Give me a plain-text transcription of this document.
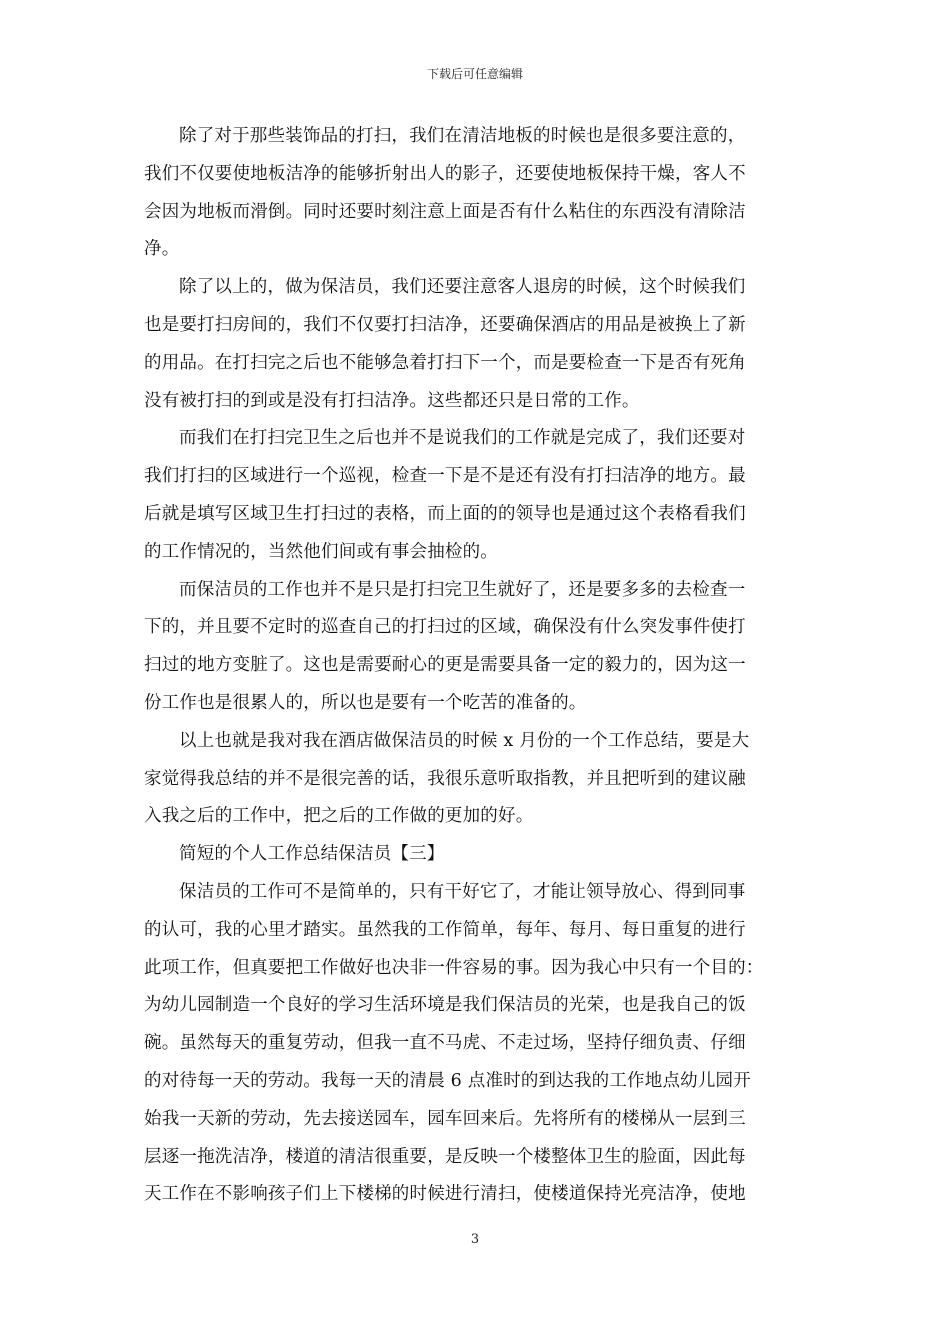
下载后可任意编辑

除了对于那些装饰品的打扫，我们在清洁地板的时候也是很多要注意的，
我们不仅要使地板洁净的能够折射出人的影子，还要使地板保持干燥，客人不
会因为地板而滑倒。同时还要时刻注意上面是否有什么粘住的东西没有清除洁
净。

除了以上的，做为保洁员，我们还要注意客人退房的时候，这个时候我们
也是要打扫房间的，我们不仅要打扫洁净，还要确保酒店的用品是被换上了新
的用品。在打扫完之后也不能够急着打扫下一个，而是要检查一下是否有死角
没有被打扫的到或是没有打扫洁净。这些都还只是日常的工作。

而我们在打扫完卫生之后也并不是说我们的工作就是完成了，我们还要对
我们打扫的区域进行一个巡视，检查一下是不是还有没有打扫洁净的地方。最
后就是填写区域卫生打扫过的表格，而上面的的领导也是通过这个表格看我们
的工作情况的，当然他们间或有事会抽检的。

而保洁员的工作也并不是只是打扫完卫生就好了，还是要多多的去检查一
下的，并且要不定时的巡查自己的打扫过的区域，确保没有什么突发事件使打
扫过的地方变脏了。这也是需要耐心的更是需要具备一定的毅力的，因为这一
份工作也是很累人的，所以也是要有一个吃苦的准备的。

以上也就是我对我在酒店做保洁员的时候 x 月份的一个工作总结，要是大
家觉得我总结的并不是很完善的话，我很乐意听取指教，并且把听到的建议融
入我之后的工作中，把之后的工作做的更加的好。

简短的个人工作总结保洁员【三】

保洁员的工作可不是简单的，只有干好它了，才能让领导放心、得到同事
的认可，我的心里才踏实。虽然我的工作简单，每年、每月、每日重复的进行
此项工作，但真要把工作做好也决非一件容易的事。因为我心中只有一个目的：
为幼儿园制造一个良好的学习生活环境是我们保洁员的光荣，也是我自己的饭
碗。虽然每天的重复劳动，但我一直不马虎、不走过场，坚持仔细负责、仔细
的对待每一天的劳动。我每一天的清晨 6 点准时的到达我的工作地点幼儿园开
始我一天新的劳动，先去接送园车，园车回来后。先将所有的楼梯从一层到三
层逐一拖洗洁净，楼道的清洁很重要，是反映一个楼整体卫生的脸面，因此每
天工作在不影响孩子们上下楼梯的时候进行清扫，使楼道保持光亮洁净，使地

3
